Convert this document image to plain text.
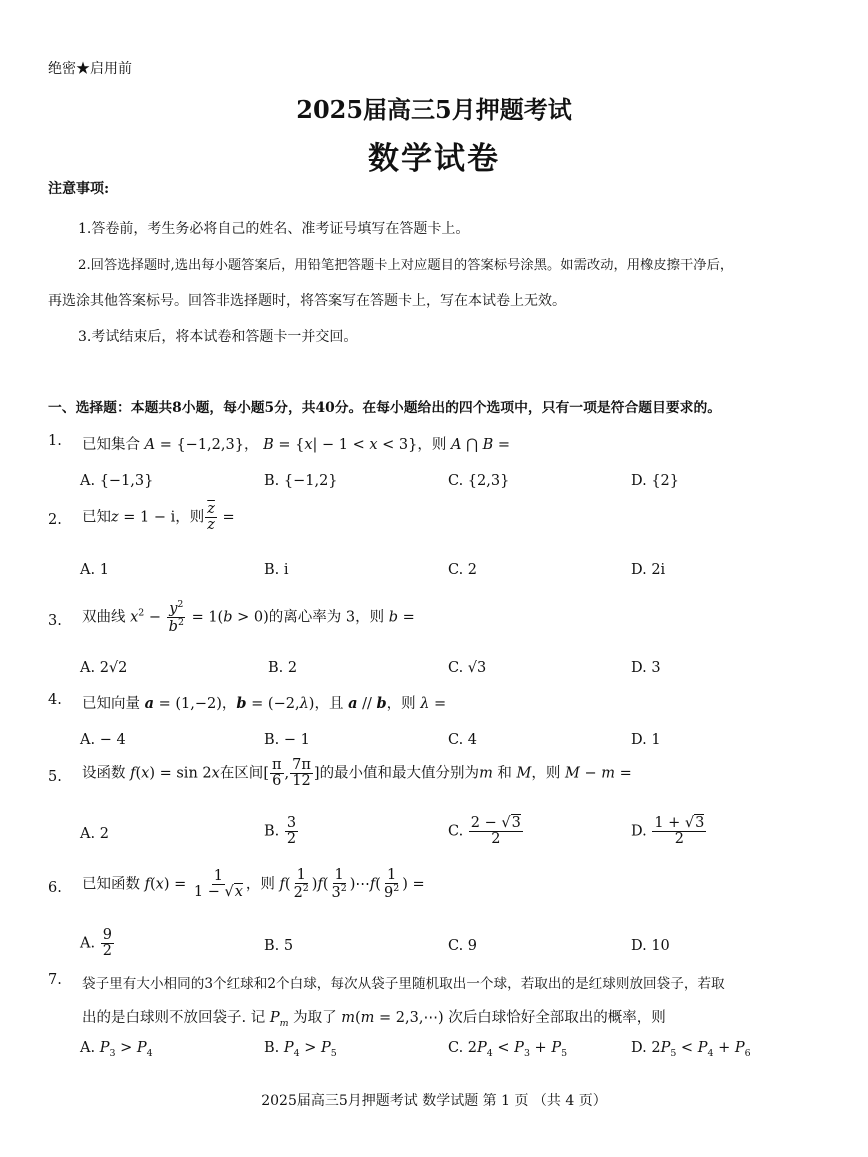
绝密★启用前
2025届高三5月押题考试
数学试卷
注意事项:
1.答卷前，考生务必将自己的姓名、准考证号填写在答题卡上。
2.回答选择题时,选出每小题答案后，用铅笔把答题卡上对应题目的答案标号涂黑。如需改动，用橡皮擦干净后，
再选涂其他答案标号。回答非选择题时，将答案写在答题卡上，写在本试卷上无效。
3.考试结束后，将本试卷和答题卡一并交回。
一、选择题：本题共8小题，每小题5分，共40分。在每小题给出的四个选项中，只有一项是符合题目要求的。
1. 已知集合 A = {−1,2,3}， B = {x| − 1 < x < 3}，则 A ⋂ B =
A. {−1,3}	B. {−1,2}	C. {2,3}	D. {2}
2. 已知z = 1 − i，则 $\frac{\overline{z}}{z}$ =
A. 1	B. i	C. 2	D. 2i
3. 双曲线 $x^2 - \frac{y^2}{b^2} = 1(b > 0)$的离心率为 3，则 b =
A. 2√2	B. 2	C. √3	D. 3
4. 已知向量 a = (1,−2)，b = (−2,λ)，且 a // b，则 λ =
A. − 4	B. − 1	C. 4	D. 1
5. 设函数 f(x) = sin 2x在区间[ $\frac{\pi}{6}$ , $\frac{7\pi}{12}$ ]的最小值和最大值分别为m 和 M，则 M − m =
A. 2	B. $\frac{3}{2}$	C. $\frac{2 - √3}{2}$	D. $\frac{1 + √3}{2}$
6. 已知函数 $f(x) = \frac{1}{1 - √x}$ ，则 $f( \frac{1}{2^2} )f( \frac{1}{3^2}$ )⋯f( $\frac{1}{9^2}$ ) =
A. $\frac{9}{2}$	B. 5	C. 9	D. 10
7. 袋子里有大小相同的3个红球和2个白球，每次从袋子里随机取出一个球，若取出的是红球则放回袋子，若取
出的是白球则不放回袋子. 记 $P_m$ 为取了 m(m = 2,3,⋯) 次后白球恰好全部取出的概率，则
A. $P_3 > P_4$	B. $P_4 > P_5$	C. $2P_4 < P_3 + P_5$	D. $2P_5 < P_4 + P_6$
2025届高三5月押题考试 数学试题 第 1 页 （共 4 页）
